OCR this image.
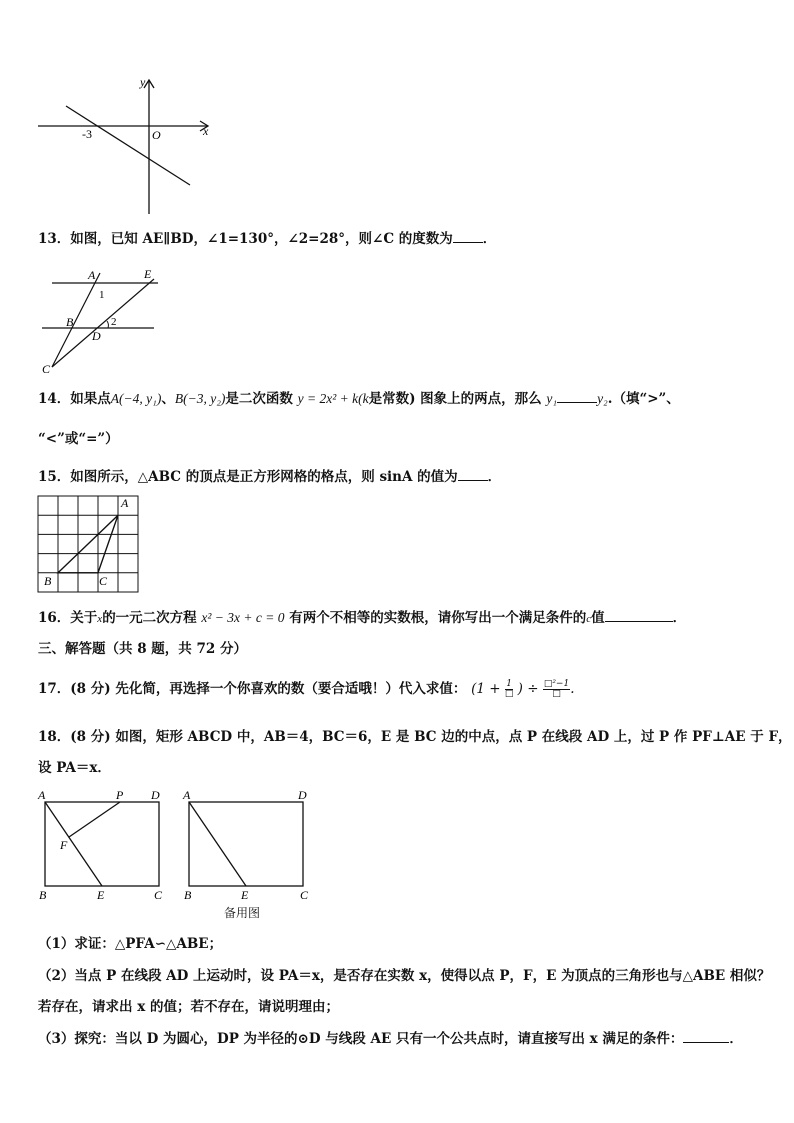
x
y
O
-3
13．如图，已知 AE∥BD，∠1=130°，∠2=28°，则∠C 的度数为 ．
A	E
1
B	2
D
C
14．如果点A(−4, y₁)、B(−3, y₂)是二次函数 y = 2x² + k(k是常数) 图象上的两点，那么 y₁	y₂.（填“>”、
“<”或“=”）
15．如图所示，△ABC 的顶点是正方形网格的格点，则 sinA 的值为 ．
A
B	C
16．关于x的一元二次方程 x² − 3x + c = 0 有两个不相等的实数根，请你写出一个满足条件的c值	．
三、解答题（共 8 题，共 72 分）
17．(8 分) 先化简，再选择一个你喜欢的数（要合适哦！）代入求值： ($1 + \frac{1}{□}$ ) ÷ $\frac{\text{□²−1}}{□}$ .
18．(8 分) 如图，矩形 ABCD 中，AB＝4，BC＝6，E 是 BC 边的中点，点 P 在线段 AD 上，过 P 作 PF⊥AE 于 F，
设 PA＝x．
A	P D
F
B	E	C
A	D
B	E	C
备用图
（1）求证：△PFA∽△ABE；
（2）当点 P 在线段 AD 上运动时，设 PA＝x，是否存在实数 x，使得以点 P，F，E 为顶点的三角形也与△ABE 相似？
若存在，请求出 x 的值；若不存在，请说明理由；
（3）探究：当以 D 为圆心，DP 为半径的⊙D 与线段 AE 只有一个公共点时，请直接写出 x 满足的条件：	．
